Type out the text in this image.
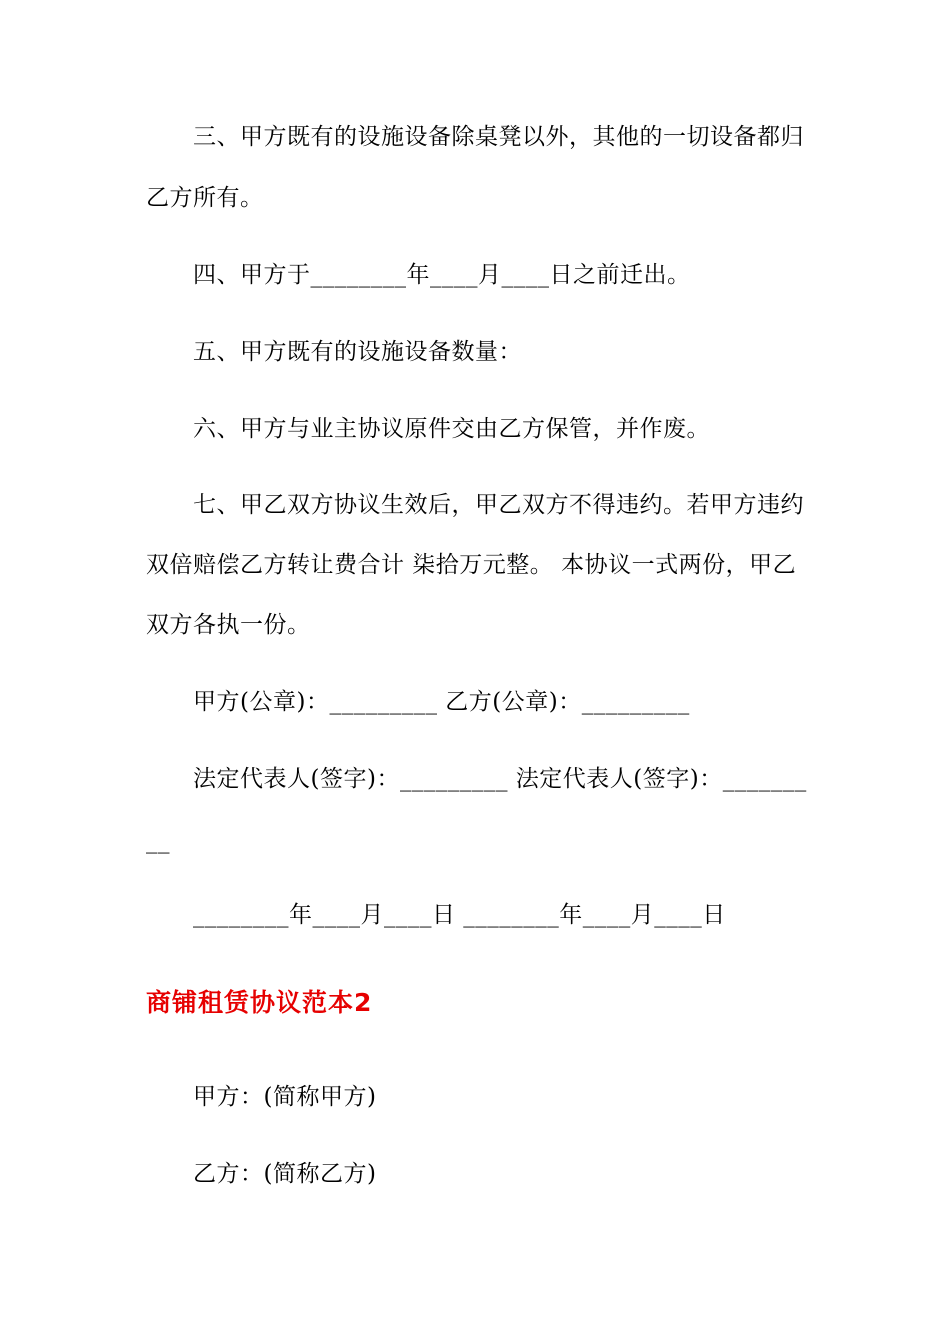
三、甲方既有的设施设备除桌凳以外，其他的一切设备都归
乙方所有。
四、甲方于________年____月____日之前迁出。
五、甲方既有的设施设备数量：
六、甲方与业主协议原件交由乙方保管，并作废。
七、甲乙双方协议生效后，甲乙双方不得违约。若甲方违约
双倍赔偿乙方转让费合计 柒拾万元整。 本协议一式两份，甲乙
双方各执一份。
甲方(公章)：_________ 乙方(公章)：_________
法定代表人(签字)：_________ 法定代表人(签字)：_______
__
________年____月____日 ________年____月____日
商铺租赁协议范本2
甲方：(简称甲方)
乙方：(简称乙方)
